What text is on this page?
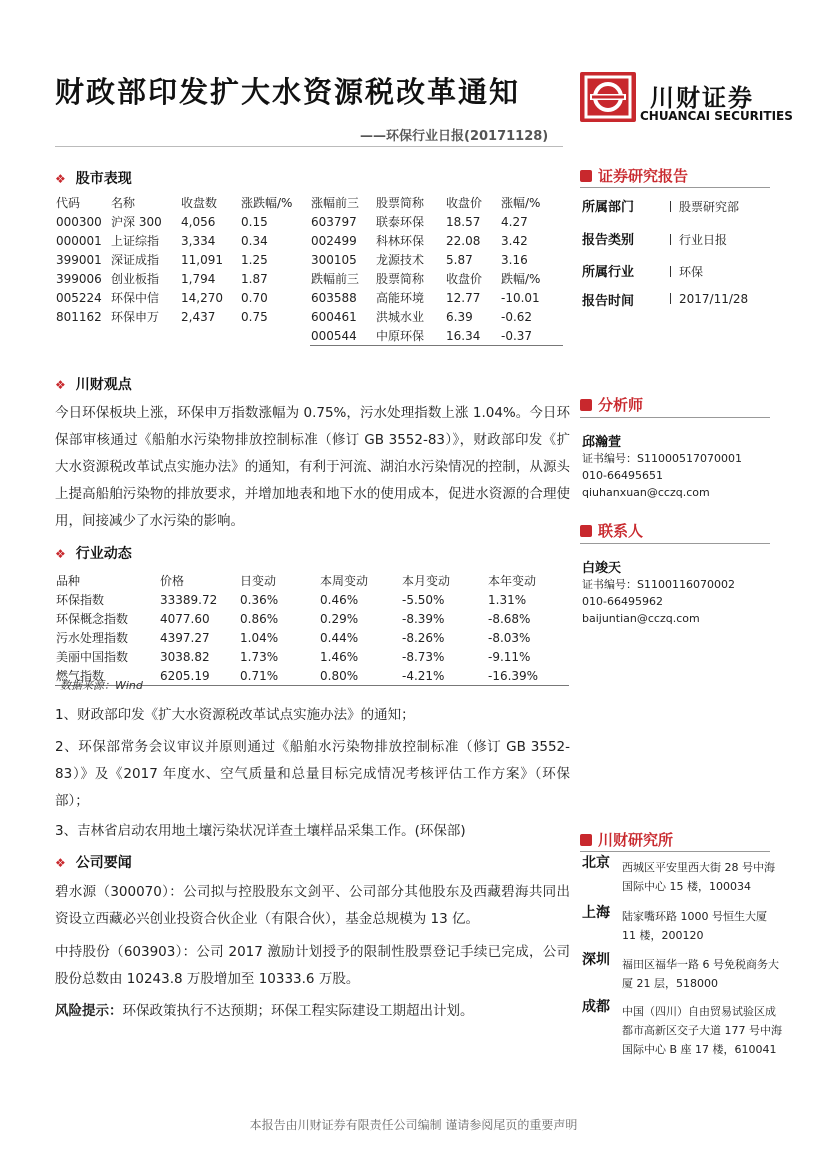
财政部印发扩大水资源税改革通知
——环保行业日报(20171128)
川财证券
CHUANCAI SECURITIES
❖ 股市表现
代码	名称	收盘数	涨跌幅/%	涨幅前三	股票简称	收盘价	涨幅/%
000300	沪深 300	4,056	0.15	603797	联泰环保	18.57	4.27
000001	上证综指	3,334	0.34	002499	科林环保	22.08	3.42
399001	深证成指	11,091	1.25	300105	龙源技术	5.87	3.16
399006	创业板指	1,794	1.87	跌幅前三	股票简称	收盘价	跌幅/%
005224	环保中信	14,270	0.70	603588	高能环境	12.77	-10.01
801162	环保申万	2,437	0.75	600461	洪城水业	6.39	-0.62
				000544	中原环保	16.34	-0.37
❖ 川财观点
今日环保板块上涨，环保申万指数涨幅为 0.75%，污水处理指数上涨 1.04%。今日环保部审核通过《船舶水污染物排放控制标准（修订 GB 3552-83）》，财政部印发《扩大水资源税改革试点实施办法》的通知，有利于河流、湖泊水污染情况的控制，从源头上提高船舶污染物的排放要求，并增加地表和地下水的使用成本，促进水资源的合理使用，间接减少了水污染的影响。
❖ 行业动态
品种	价格	日变动	本周变动	本月变动	本年变动
环保指数	33389.72	0.36%	0.46%	-5.50%	1.31%
环保概念指数	4077.60	0.86%	0.29%	-8.39%	-8.68%
污水处理指数	4397.27	1.04%	0.44%	-8.26%	-8.03%
美丽中国指数	3038.82	1.73%	1.46%	-8.73%	-9.11%
燃气指数	6205.19	0.71%	0.80%	-4.21%	-16.39%
数据来源：Wind
1、财政部印发《扩大水资源税改革试点实施办法》的通知；
2、环保部常务会议审议并原则通过《船舶水污染物排放控制标准（修订 GB 3552-83）》及《2017 年度水、空气质量和总量目标完成情况考核评估工作方案》（环保部）；
3、吉林省启动农用地土壤污染状况详查土壤样品采集工作。(环保部)
❖ 公司要闻
碧水源（300070）：公司拟与控股股东文剑平、公司部分其他股东及西藏碧海共同出资设立西藏必兴创业投资合伙企业（有限合伙），基金总规模为 13 亿。
中持股份（603903）：公司 2017 激励计划授予的限制性股票登记手续已完成，公司股份总数由 10243.8 万股增加至 10333.6 万股。
风险提示：环保政策执行不达预期；环保工程实际建设工期超出计划。
证券研究报告
所属部门	股票研究部
报告类别	行业日报
所属行业	环保
报告时间	2017/11/28
分析师
邱瀚萱
证书编号：S1100051707000​1
010-66495651
qiuhanxuan@cczq.com
联系人
白竣天
证书编号：S1100116070002
010-66495962
baijuntian@cczq.com
川财研究所
北京 西城区平安里西大街 28 号中海国际中心 15 楼，100034
上海 陆家嘴环路 1000 号恒生大厦 11 楼，200120
深圳 福田区福华一路 6 号免税商务大厦 21 层，518000
成都 中国（四川）自由贸易试验区成都市高新区交子大道 177 号中海国际中心 B 座 17 楼，610041
本报告由川财证券有限责任公司编制 谨请参阅尾页的重要声明
